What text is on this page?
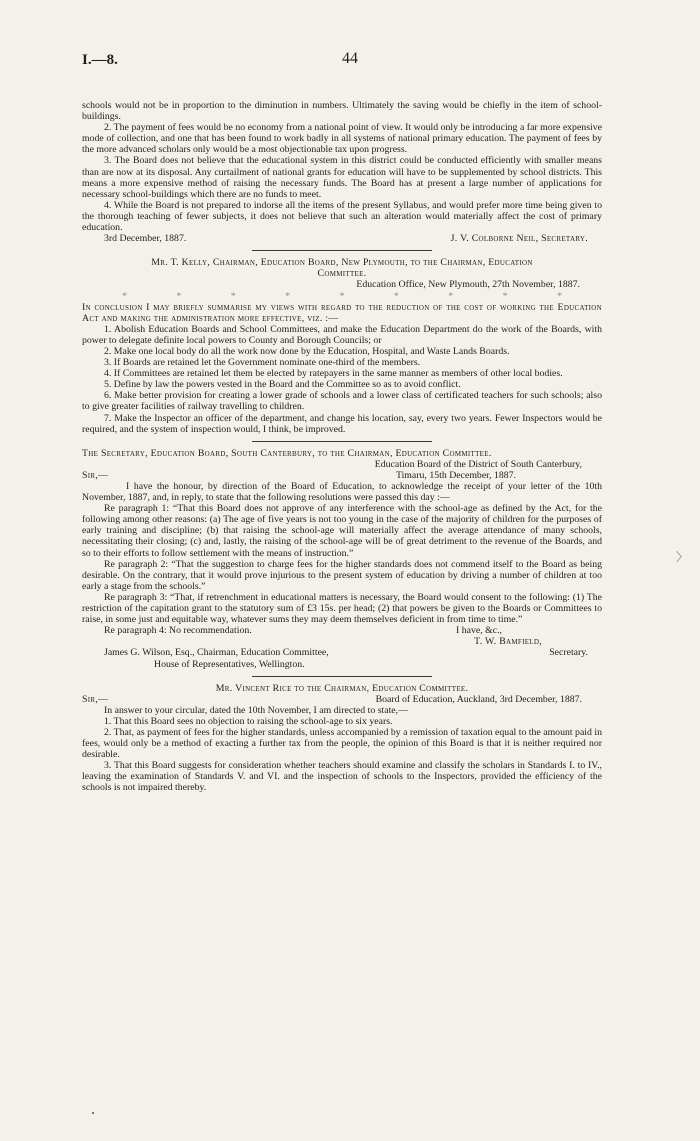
I.—8.	44
〉

schools would not be in proportion to the diminution in numbers. Ultimately the saving would be chiefly in the item of school-buildings.

2. The payment of fees would be no economy from a national point of view. It would only be introducing a far more expensive mode of collection, and one that has been found to work badly in all systems of national primary education. The payment of fees by the more advanced scholars only would be a most objectionable tax upon progress.

3. The Board does not believe that the educational system in this district could be conducted efficiently with smaller means than are now at its disposal. Any curtailment of national grants for education will have to be supplemented by school districts. This means a more expensive method of raising the necessary funds. The Board has at present a large number of applications for necessary school-buildings which there are no funds to meet.

4. While the Board is not prepared to indorse all the items of the present Syllabus, and would prefer more time being given to the thorough teaching of fewer subjects, it does not believe that such an alteration would materially affect the cost of primary education.

3rd December, 1887.	J. V. Colborne Neil, Secretary.
Mr. T. Kelly, Chairman, Education Board, New Plymouth, to the Chairman, Education
Committee.
Education Office, New Plymouth, 27th November, 1887.
*	*	*	*	*	*	*	*	*

In conclusion I may briefly summarise my views with regard to the reduction of the cost of working the Education Act and making the administration more effective, viz. :—

1. Abolish Education Boards and School Committees, and make the Education Department do the work of the Boards, with power to delegate definite local powers to County and Borough Councils; or

2. Make one local body do all the work now done by the Education, Hospital, and Waste Lands Boards.

3. If Boards are retained let the Government nominate one-third of the members.

4. If Committees are retained let them be elected by ratepayers in the same manner as members of other local bodies.

5. Define by law the powers vested in the Board and the Committee so as to avoid conflict.

6. Make better provision for creating a lower grade of schools and a lower class of certificated teachers for such schools; also to give greater facilities of railway travelling to children.

7. Make the Inspector an officer of the department, and change his location, say, every two years. Fewer Inspectors would be required, and the system of inspection would, I think, be improved.

The Secretary, Education Board, South Canterbury, to the Chairman, Education Committee.
Education Board of the District of South Canterbury,
Sir,—	Timaru, 15th December, 1887.

I have the honour, by direction of the Board of Education, to acknowledge the receipt of your letter of the 10th November, 1887, and, in reply, to state that the following resolutions were passed this day :—

Re paragraph 1: “That this Board does not approve of any interference with the school-age as defined by the Act, for the following among other reasons: (a) The age of five years is not too young in the case of the majority of children for the purposes of early training and discipline; (b) that raising the school-age will materially affect the average attendance of many schools, necessitating their closing; (c) and, lastly, the raising of the school-age will be of great detriment to the revenue of the Boards, and so to their efforts to follow settlement with the means of instruction.”

Re paragraph 2: “That the suggestion to charge fees for the higher standards does not commend itself to the Board as being desirable. On the contrary, that it would prove injurious to the present system of education by driving a number of children at too early a stage from the schools.”

Re paragraph 3: “That, if retrenchment in educational matters is necessary, the Board would consent to the following: (1) The restriction of the capitation grant to the statutory sum of £3 15s. per head; (2) that powers be given to the Boards or Committees to raise, in some just and equitable way, whatever sums they may deem themselves deficient in from time to time.”

Re paragraph 4: No recommendation.	I have, &c.,
T. W. Bamfield,
James G. Wilson, Esq., Chairman, Education Committee,	Secretary.
House of Representatives, Wellington.
Mr. Vincent Rice to the Chairman, Education Committee.
Sir,—	Board of Education, Auckland, 3rd December, 1887.

In answer to your circular, dated the 10th November, I am directed to state,—

1. That this Board sees no objection to raising the school-age to six years.

2. That, as payment of fees for the higher standards, unless accompanied by a remission of taxation equal to the amount paid in fees, would only be a method of exacting a further tax from the people, the opinion of this Board is that it is neither required nor desirable.

3. That this Board suggests for consideration whether teachers should examine and classify the scholars in Standards I. to IV., leaving the examination of Standards V. and VI. and the inspection of schools to the Inspectors, provided the efficiency of the schools is not impaired thereby.
